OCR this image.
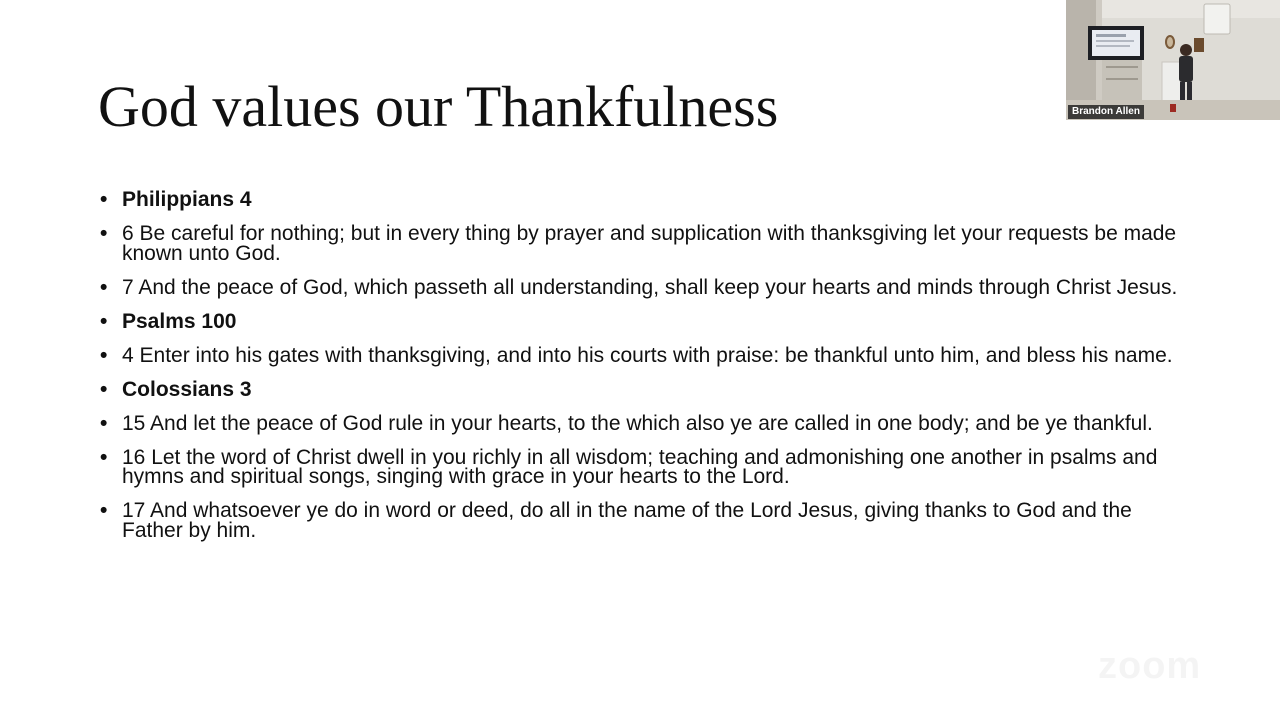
God values our Thankfulness
• Philippians 4
• 6 Be careful for nothing; but in every thing by prayer and supplication with thanksgiving let your requests be made known unto God.
• 7 And the peace of God, which passeth all understanding, shall keep your hearts and minds through Christ Jesus.
• Psalms 100
• 4 Enter into his gates with thanksgiving, and into his courts with praise: be thankful unto him, and bless his name.
• Colossians 3
• 15 And let the peace of God rule in your hearts, to the which also ye are called in one body; and be ye thankful.
• 16 Let the word of Christ dwell in you richly in all wisdom; teaching and admonishing one another in psalms and hymns and spiritual songs, singing with grace in your hearts to the Lord.
• 17 And whatsoever ye do in word or deed, do all in the name of the Lord Jesus, giving thanks to God and the Father by him.
Brandon Allen
